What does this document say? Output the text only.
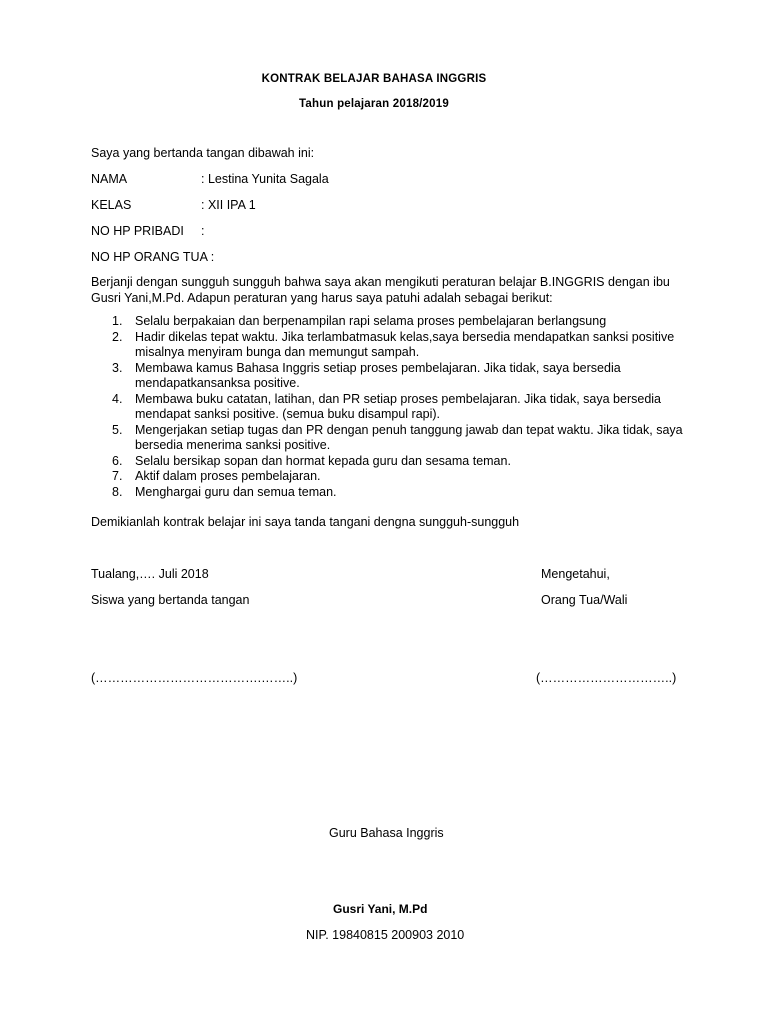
KONTRAK BELAJAR BAHASA INGGRIS
Tahun pelajaran 2018/2019
Saya yang bertanda tangan dibawah ini:
NAMA	: Lestina Yunita Sagala
KELAS	: XII IPA 1
NO HP PRIBADI :
NO HP ORANG TUA :
Berjanji dengan sungguh sungguh bahwa saya akan mengikuti peraturan belajar B.INGGRIS dengan ibu Gusri Yani,M.Pd. Adapun peraturan yang harus saya patuhi adalah sebagai berikut:
1. Selalu berpakaian dan berpenampilan rapi selama proses pembelajaran berlangsung
2. Hadir dikelas tepat waktu. Jika terlambatmasuk kelas,saya bersedia mendapatkan sanksi positive misalnya menyiram bunga dan memungut sampah.
3. Membawa kamus Bahasa Inggris setiap proses pembelajaran. Jika tidak, saya bersedia mendapatkansanksa positive.
4. Membawa buku catatan, latihan, dan PR setiap proses pembelajaran. Jika tidak, saya bersedia mendapat sanksi positive. (semua buku disampul rapi).
5. Mengerjakan setiap tugas dan PR dengan penuh tanggung jawab dan tepat waktu. Jika tidak, saya bersedia menerima sanksi positive.
6. Selalu bersikap sopan dan hormat kepada guru dan sesama teman.
7. Aktif dalam proses pembelajaran.
8. Menghargai guru dan semua teman.
Demikianlah kontrak belajar ini saya tanda tangani dengna sungguh-sungguh
Tualang,…. Juli 2018
Siswa yang bertanda tangan
(………………………………….……..)
Mengetahui,
Orang Tua/Wali
(…………………………..)
Guru Bahasa Inggris
Gusri Yani, M.Pd
NIP. 19840815 200903 2010
